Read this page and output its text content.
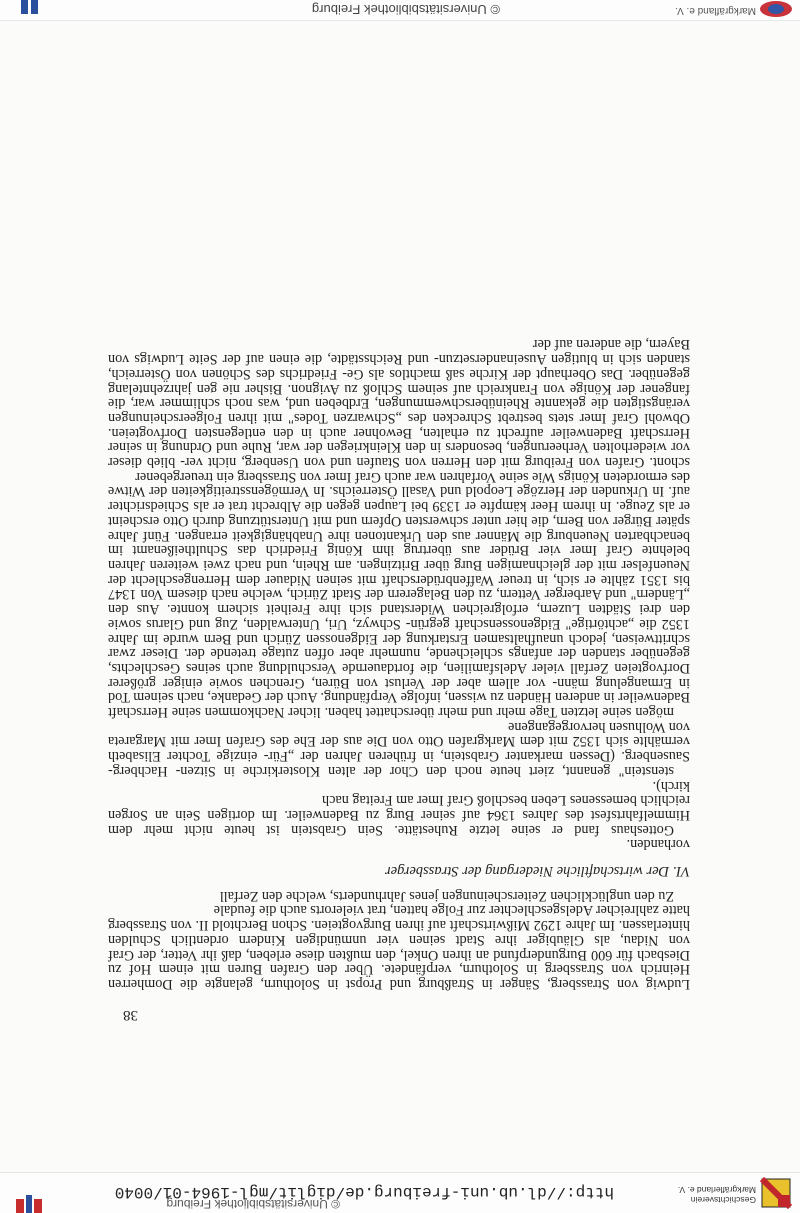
Geschichtsverein
Markgräflerland e. V.
http://dl.ub.uni-freiburg.de/diglit/mgl-1964-01/0040
© Universitätsbibliothek Freiburg
38

Ludwig von Strassberg, Sänger in Straßburg und Propst in Solothurn, gelangte die Domherren Heinrich von Strassberg in Solothurn, verpfändete. Über den Grafen Buren mit einem Hof zu Diesbach für 600 Burgunderpfund an ihren Onkel, den mußten diese erleben, daß ihr Vetter, der Graf von Nidau, als Gläubiger ihre Stadt seinen vier unmündigen Kindern ordentlich Schulden hinterlassen. Im Jahre 1292 Mißwirtschaft auf ihren Burgvogteien. Schon Berchtold II. von Strassberg hatte zahlreicher Adelsgeschlechter zur Folge hatten, trat vielerorts auch die feudale

Zu den unglücklichen Zeiterscheinungen jenes Jahrhunderts, welche den Zerfall

VI. Der wirtschaftliche Niedergang der Strassberger

vorhanden.

Gotteshaus fand er seine letzte Ruhestätte. Sein Grabstein ist heute nicht mehr dem Himmelfahrtsfest des Jahres 1364 auf seiner Burg zu Badenweiler. Im dortigen Sein an Sorgen reichlich bemessenes Leben beschloß Graf Imer am Freitag nach

kirch).

stenstein" genannt, ziert heute noch den Chor der alten Klosterkirche in Sitzen- Hachberg-Sausenberg. (Dessen markanter Grabstein, in früheren Jahren der „Für- einzige Tochter Elisabeth vermählte sich 1352 mit dem Markgrafen Otto von Die aus der Ehe des Grafen Imer mit Margareta von Wolhusen hervorgegangene

mögen seine letzten Tage mehr und mehr überschattet haben. licher Nachkommen seine Herrschaft Badenweiler in anderen Händen zu wissen, infolge Verpfändung. Auch der Gedanke, nach seinem Tod in Ermangelung männ- vor allem aber der Verlust von Büren, Grenchen sowie einiger größerer Dorfvogteien Zerfall vieler Adelsfamilien, die fortdauernde Verschuldung auch seines Geschlechts, gegenüber standen der anfangs schleichende, nunmehr aber offen zutage tretende der. Dieser zwar schrittweisen, jedoch unaufhaltsamen Erstarkung der Eidgenossen Zürich und Bern wurde im Jahre 1352 die „achtörtige" Eidgenossenschaft gegrün- Schwyz, Uri, Unterwalden, Zug und Glarus sowie den drei Städten Luzern, erfolgreichen Widerstand sich ihre Freiheit sichern konnte. Aus den „Ländern" und Aarberger Vettern, zu den Belagerern der Stadt Zürich, welche nach diesem Von 1347 bis 1351 zählte er sich, in treuer Waffenbrüderschaft mit seinen Nidauer dem Herrengeschlecht der Neuenfelser mit der gleichnamigen Burg über Britzingen. am Rhein, und nach zwei weiteren Jahren belehnte Graf Imer vier Brüder aus übertrug ihm König Friedrich das Schultheißenamt im benachbarten Neuenburg die Männer aus den Urkantonen ihre Unabhängigkeit errangen. Fünf Jahre später Bürger von Bern, die hier unter schwersten Opfern und mit Unterstützung durch Otto erscheint er als Zeuge. In ihrem Heer kämpfte er 1339 bei Laupen gegen die Albrecht trat er als Schiedsrichter auf. In Urkunden der Herzöge Leopold und Vasall Österreichs. In Vermögensstreitigkeiten der Witwe des ermordeten Königs Wie seine Vorfahren war auch Graf Imer von Strassberg ein treuergebener

schont. Grafen von Freiburg mit den Herren von Staufen und von Usenberg, nicht ver- blieb dieser vor wiederholten Verheerungen, besonders in den Kleinkriegen der war, Ruhe und Ordnung in seiner Herrschaft Badenweiler aufrecht zu erhalten, Bewohner auch in den entlegensten Dorfvogteien. Obwohl Graf Imer stets bestrebt Schrecken des „Schwarzen Todes" mit ihren Folgeerscheinungen verängstigten die gekannte Rheinüberschwemmungen, Erdbeben und, was noch schlimmer war, die fangener der Könige von Frankreich auf seinem Schloß zu Avignon. Bisher nie gen jahrzehntelang gegenüber. Das Oberhaupt der Kirche saß machtlos als Ge- Friedrichs des Schönen von Österreich, standen sich in blutigen Auseinandersetzun- und Reichsstädte, die einen auf der Seite Ludwigs von Bayern, die anderen auf der

Markgräfland e. V.
© Universitätsbibliothek Freiburg
